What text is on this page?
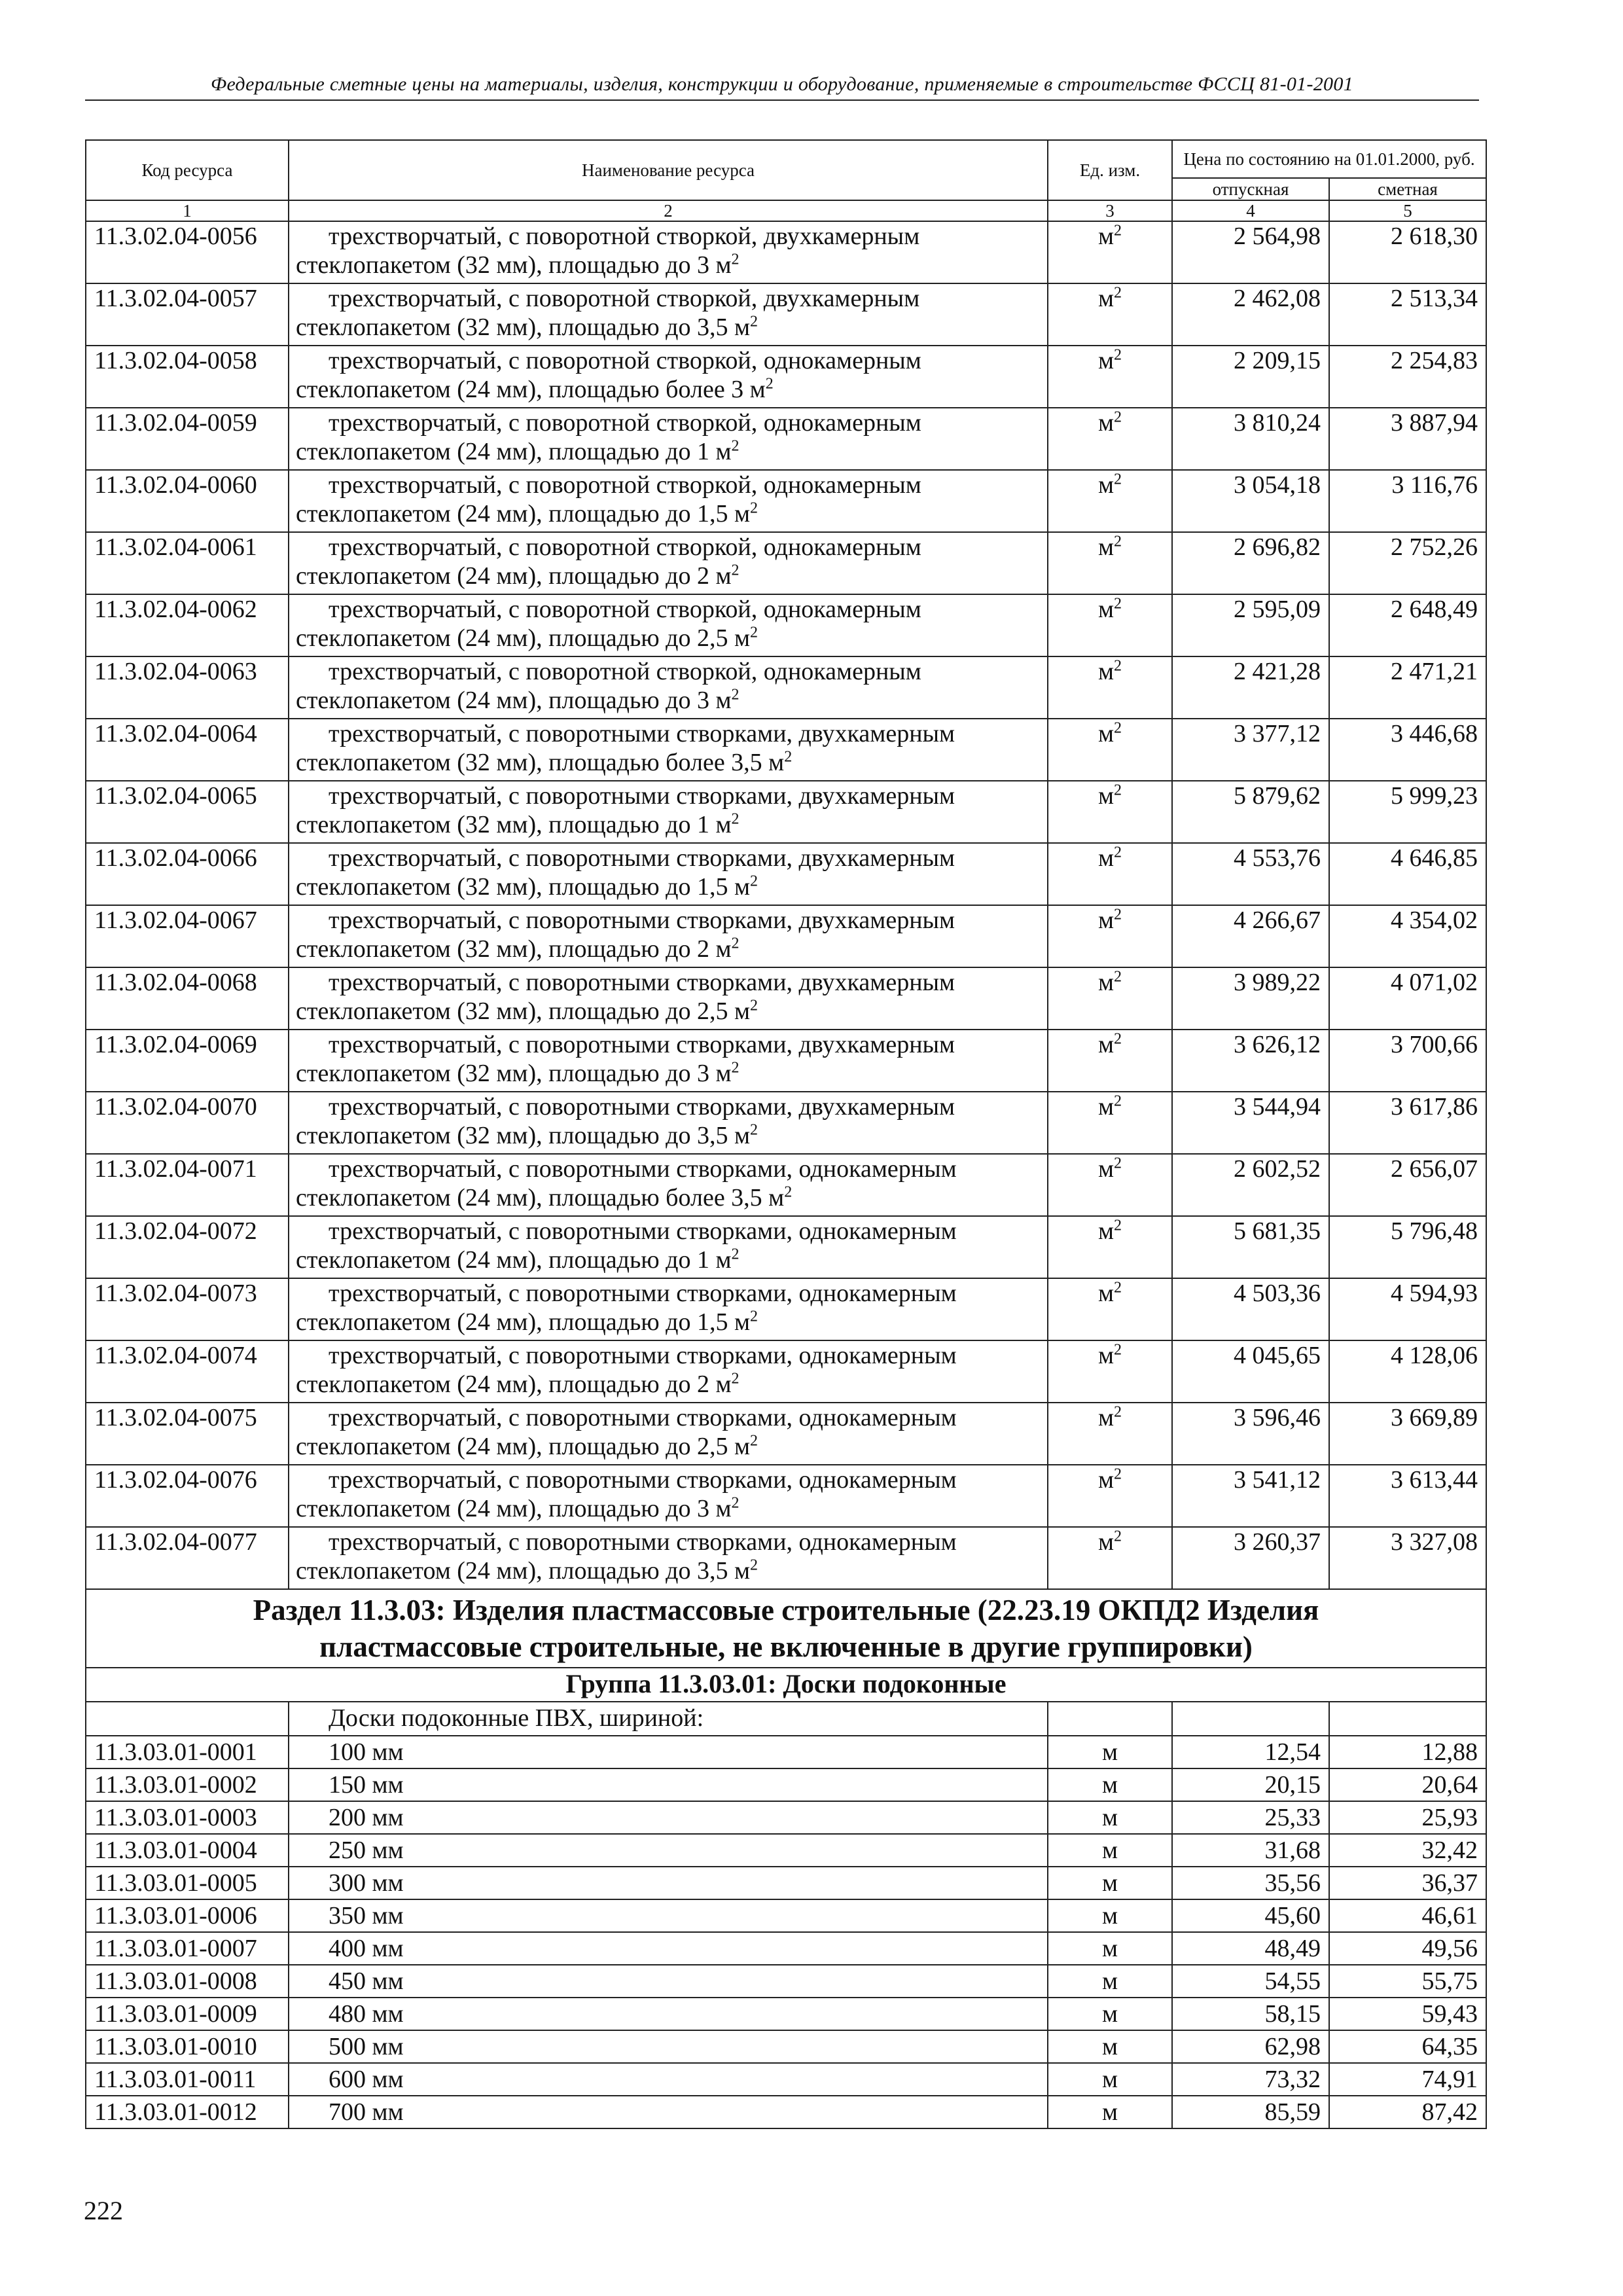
Федеральные сметные цены на материалы, изделия, конструкции и оборудование, применяемые в строительстве ФССЦ 81-01-2001
Код ресурса	Наименование ресурса	Ед. изм.	Цена по состоянию на 01.01.2000, руб.	
			отпускная	сметная
1	2	3	4	5
11.3.02.04-0056	трехстворчатый, с поворотной створкой, двухкамерным
стеклопакетом (32 мм), площадью до 3 $м^2$	$м^2$	2 564,98	2 618,30
11.3.02.04-0057	трехстворчатый, с поворотной створкой, двухкамерным
стеклопакетом (32 мм), площадью до 3,5 $м^2$	$м^2$	2 462,08	2 513,34
11.3.02.04-0058	трехстворчатый, с поворотной створкой, однокамерным
стеклопакетом (24 мм), площадью более 3 $м^2$	$м^2$	2 209,15	2 254,83
11.3.02.04-0059	трехстворчатый, с поворотной створкой, однокамерным
стеклопакетом (24 мм), площадью до 1 $м^2$	$м^2$	3 810,24	3 887,94
11.3.02.04-0060	трехстворчатый, с поворотной створкой, однокамерным
стеклопакетом (24 мм), площадью до 1,5 $м^2$	$м^2$	3 054,18	3 116,76
11.3.02.04-0061	трехстворчатый, с поворотной створкой, однокамерным
стеклопакетом (24 мм), площадью до 2 $м^2$	$м^2$	2 696,82	2 752,26
11.3.02.04-0062	трехстворчатый, с поворотной створкой, однокамерным
стеклопакетом (24 мм), площадью до 2,5 $м^2$	$м^2$	2 595,09	2 648,49
11.3.02.04-0063	трехстворчатый, с поворотной створкой, однокамерным
стеклопакетом (24 мм), площадью до 3 $м^2$	$м^2$	2 421,28	2 471,21
11.3.02.04-0064	трехстворчатый, с поворотными створками, двухкамерным
стеклопакетом (32 мм), площадью более 3,5 $м^2$	$м^2$	3 377,12	3 446,68
11.3.02.04-0065	трехстворчатый, с поворотными створками, двухкамерным
стеклопакетом (32 мм), площадью до 1 $м^2$	$м^2$	5 879,62	5 999,23
11.3.02.04-0066	трехстворчатый, с поворотными створками, двухкамерным
стеклопакетом (32 мм), площадью до 1,5 $м^2$	$м^2$	4 553,76	4 646,85
11.3.02.04-0067	трехстворчатый, с поворотными створками, двухкамерным
стеклопакетом (32 мм), площадью до 2 $м^2$	$м^2$	4 266,67	4 354,02
11.3.02.04-0068	трехстворчатый, с поворотными створками, двухкамерным
стеклопакетом (32 мм), площадью до 2,5 $м^2$	$м^2$	3 989,22	4 071,02
11.3.02.04-0069	трехстворчатый, с поворотными створками, двухкамерным
стеклопакетом (32 мм), площадью до 3 $м^2$	$м^2$	3 626,12	3 700,66
11.3.02.04-0070	трехстворчатый, с поворотными створками, двухкамерным
стеклопакетом (32 мм), площадью до 3,5 $м^2$	$м^2$	3 544,94	3 617,86
11.3.02.04-0071	трехстворчатый, с поворотными створками, однокамерным
стеклопакетом (24 мм), площадью более 3,5 $м^2$	$м^2$	2 602,52	2 656,07
11.3.02.04-0072	трехстворчатый, с поворотными створками, однокамерным
стеклопакетом (24 мм), площадью до 1 $м^2$	$м^2$	5 681,35	5 796,48
11.3.02.04-0073	трехстворчатый, с поворотными створками, однокамерным
стеклопакетом (24 мм), площадью до 1,5 $м^2$	$м^2$	4 503,36	4 594,93
11.3.02.04-0074	трехстворчатый, с поворотными створками, однокамерным
стеклопакетом (24 мм), площадью до 2 $м^2$	$м^2$	4 045,65	4 128,06
11.3.02.04-0075	трехстворчатый, с поворотными створками, однокамерным
стеклопакетом (24 мм), площадью до 2,5 $м^2$	$м^2$	3 596,46	3 669,89
11.3.02.04-0076	трехстворчатый, с поворотными створками, однокамерным
стеклопакетом (24 мм), площадью до 3 $м^2$	$м^2$	3 541,12	3 613,44
11.3.02.04-0077	трехстворчатый, с поворотными створками, однокамерным
стеклопакетом (24 мм), площадью до 3,5 $м^2$	$м^2$	3 260,37	3 327,08
Раздел 11.3.03: Изделия пластмассовые строительные (22.23.19 ОКПД2 Изделия
пластмассовые строительные, не включенные в другие группировки)				
Группа 11.3.03.01: Доски подоконные				
	Доски подоконные ПВХ, шириной:			
11.3.03.01-0001	100 мм	м	12,54	12,88
11.3.03.01-0002	150 мм	м	20,15	20,64
11.3.03.01-0003	200 мм	м	25,33	25,93
11.3.03.01-0004	250 мм	м	31,68	32,42
11.3.03.01-0005	300 мм	м	35,56	36,37
11.3.03.01-0006	350 мм	м	45,60	46,61
11.3.03.01-0007	400 мм	м	48,49	49,56
11.3.03.01-0008	450 мм	м	54,55	55,75
11.3.03.01-0009	480 мм	м	58,15	59,43
11.3.03.01-0010	500 мм	м	62,98	64,35
11.3.03.01-0011	600 мм	м	73,32	74,91
11.3.03.01-0012	700 мм	м	85,59	87,42
222
